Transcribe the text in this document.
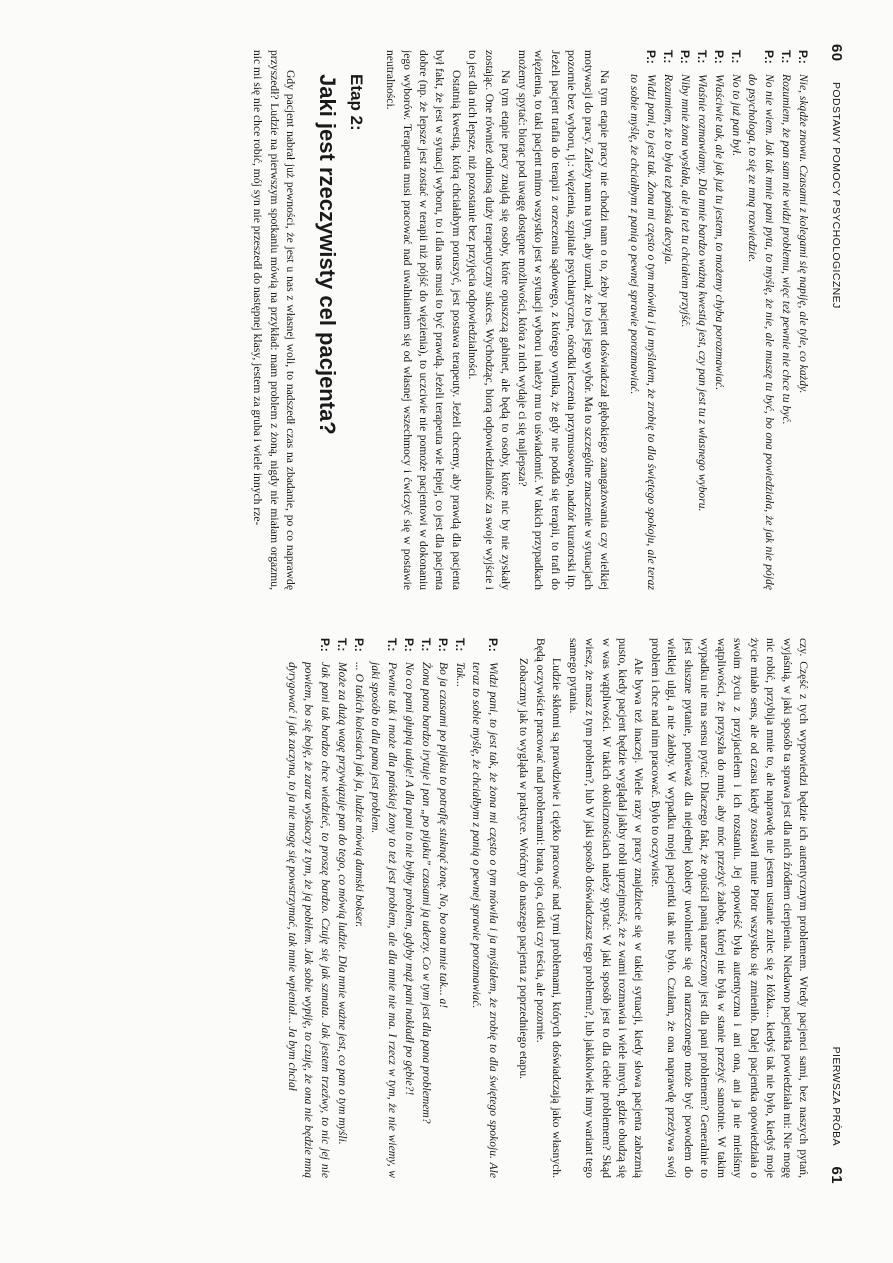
60
PODSTAWY POMOCY PSYCHOLOGICZNEJ
P.:
Nie, skądże znowu. Czasami z kolegami się napiję, ale tyle, co każdy.
T.:
Rozumiem, że pan sam nie widzi problemu, więc też pewnie nie chce tu być.
P.:
No nie wiem. Jak tak mnie pani pyta, to myślę, że nie, ale muszę tu być, bo ona powiedziała, że jak nie pójdę do psychologa, to się ze mną rozwiedzie.
T.:
No to już pan był.
P.:
Właściwie tak, ale jak już tu jestem, to możemy chyba porozmawiać.
T.:
Właśnie rozmawiamy. Dla mnie bardzo ważną kwestią jest, czy pan jest tu z własnego wyboru.
P.:
Niby mnie żona wysłała, ale ja też tu chciałem przyjść.
T.:
Rozumiem, że to była też pańska decyzja.
P.:
Widzi pani, to jest tak. Żona mi często o tym mówiła i ja myślałem, że zrobię to dla świętego spokoju, ale teraz to sobie myślę, że chciałbym z panią o pewnej sprawie porozmawiać.

Na tym etapie pracy nie chodzi nam o to, żeby pacjent doświadczał głębokiego zaangażowania czy wielkiej motywacji do pracy. Zależy nam na tym, aby uznał, że to jest jego wybór. Ma to szczególne znaczenie w sytuacjach pozornie bez wyboru, tj.: więzienia, szpitale psychiatryczne, ośrodki leczenia przymusowego, nadzór kuratorski itp. Jeżeli pacjent trafia do terapii z orzeczenia sądowego, z którego wynika, że gdy nie podda się terapii, to trafi do więzienia, to taki pacjent mimo wszystko jest w sytuacji wyboru i należy mu to uświadomić. W takich przypadkach możemy spytać: biorąc pod uwagę dostępne możliwości, która z nich wydaje ci się najlepsza?

Na tym etapie pracy znajdą się osoby, które opuszczą gabinet, ale będą to osoby, które nic by nie zyskały zostając. One również odniosą duży terapeutyczny sukces. Wychodząc, biorą odpowiedzialność za swoje wyjście i to jest dla nich lepsze, niż pozostanie bez przyjęcia odpowiedzialności.

Ostatnią kwestią, którą chciałabym poruszyć, jest postawa terapeuty. Jeżeli chcemy, aby prawdą dla pacjenta był fakt, że jest w sytuacji wyboru, to i dla nas musi to być prawdą. Jeżeli terapeuta wie lepiej, co jest dla pacjenta dobre (np. że lepsze jest zostać w terapii niż pójść do więzienia), to uczciwie nie pomoże pacjentowi w dokonaniu jego wyborów. Terapeuta musi pracować nad uwalnianiem się od własnej wszechmocy i ćwiczyć się w postawie neutralności.

Etap 2:
Jaki jest rzeczywisty cel pacjenta?

Gdy pacjent nabrał już pewności, że jest u nas z własnej woli, to nadszedł czas na zbadanie, po co naprawdę przyszedł? Ludzie na pierwszym spotkaniu mówią na przykład: mam problem z żoną, nigdy nie miałam orgazmu, nic mi się nie chce robić, mój syn nie przeszedł do następnej klasy, jestem za gruba i wiele innych rze-

PIERWSZA PRÓBA
61

czy. Część z tych wypowiedzi będzie ich autentycznym problemem. Wtedy pacjenci sami, bez naszych pytań, wyjaśnią, w jaki sposób ta sprawa jest dla nich źródłem cierpienia. Niedawno pacjentka powiedziała mi: Nie mogę nic robić, przybija mnie to, ale naprawdę nie jestem ustanie zulec się z łóżka... kiedyś tak nie było, kiedyś moje życie miało sens, ale od czasu kiedy zostawił mnie Piotr wszystko się zmieniło. Dalej pacjentka opowiedziała o swoim życiu z przyjacielem i ich rozstaniu. Jej opowieść była autentyczna i ani ona, ani ja nie mieliśmy wątpliwości, że przyszła do mnie, aby móc przeżyć żałobę, której nie była w stanie przeżyć samotnie. W takim wypadku nie ma sensu pytać: Dlaczego fakt, że opuścił panią narzeczony jest dla pani problemem? Generalnie to jest słuszne pytanie, ponieważ dla niejednej kobiety uwolnienie się od narzeczonego może być powodem do wielkiej ulgi, a nie żałoby. W wypadku mojej pacjentki tak nie było. Czułam, że ona naprawdę przeżywa swój problem i chce nad nim pracować. Było to oczywiste.

Ale bywa też inaczej. Wiele razy w pracy znajdziecie się w takiej sytuacji, kiedy słowa pacjenta zabrzmią pusto, kiedy pacjent będzie wyglądał jakby robił uprzejmość, że z wami rozmawia i wiele innych, gdzie obudzą się w was wątpliwości. W takich okolicznościach należy spytać: W jaki sposób jest to dla ciebie problemem? Skąd wiesz, że masz z tym problem?, lub W jaki sposób doświadczasz tego problemu?, lub jakikolwiek inny wariant tego samego pytania.

Ludzie skłonni są prawdziwie i ciężko pracować nad tymi problemami, których doświadczają jako własnych. Będą oczywiście pracować nad problemami: brata, ojca, ciotki czy teścia, ale pozornie.

Zobaczmy jak to wygląda w praktyce. Wróćmy do naszego pacjenta z poprzedniego etapu.

P.:
Widzi pani, to jest tak, że żona mi często o tym mówiła i ja myślałem, że zrobię to dla świętego spokoju. Ale teraz to sobie myślę, że chciałbym z panią o pewnej sprawie porozmawiać.
T.:
Tak...
P.:
Bo ja czasami po pijaku to potrafię stuknąć żonę. No, bo ona mnie tak... a!
T.:
Żona pana bardzo irytuje i pan „po pijaku” czasami ją uderzy. Co w tym jest dla pana problemem?
P.:
No co pani głupią udaje! A dla pani to nie byłby problem, gdyby mąż pani nakładł po gębie?!
T.:
Pewnie tak i może dla pańskiej żony to też jest problem, ale dla mnie nie ma. I rzecz w tym, że nie wiemy, w jaki sposób to dla pana jest problem.
P.:
... O takich kolesiach jak ja, ludzie mówią damski bokser.
T.:
Może za dużą wagę przywiązuje pan do tego, co mówią ludzie. Dla mnie ważne jest, co pan o tym myśli.
P.:
Jak pani tak bardzo chce wiedzieć, to proszę bardzo. Czuję się jak szmata. Jak jestem trzeźwy, to nic jej nie powiem, bo się boję, że zaraz wyskoczy z tym, że ją pobiłem. Jak sobie wypiję, to czuję, że ona nie będzie mną dyrygować i jak zaczyna, to ja nie mogę się powstrzymać, tak mnie wpieniał... Ja bym chciał
